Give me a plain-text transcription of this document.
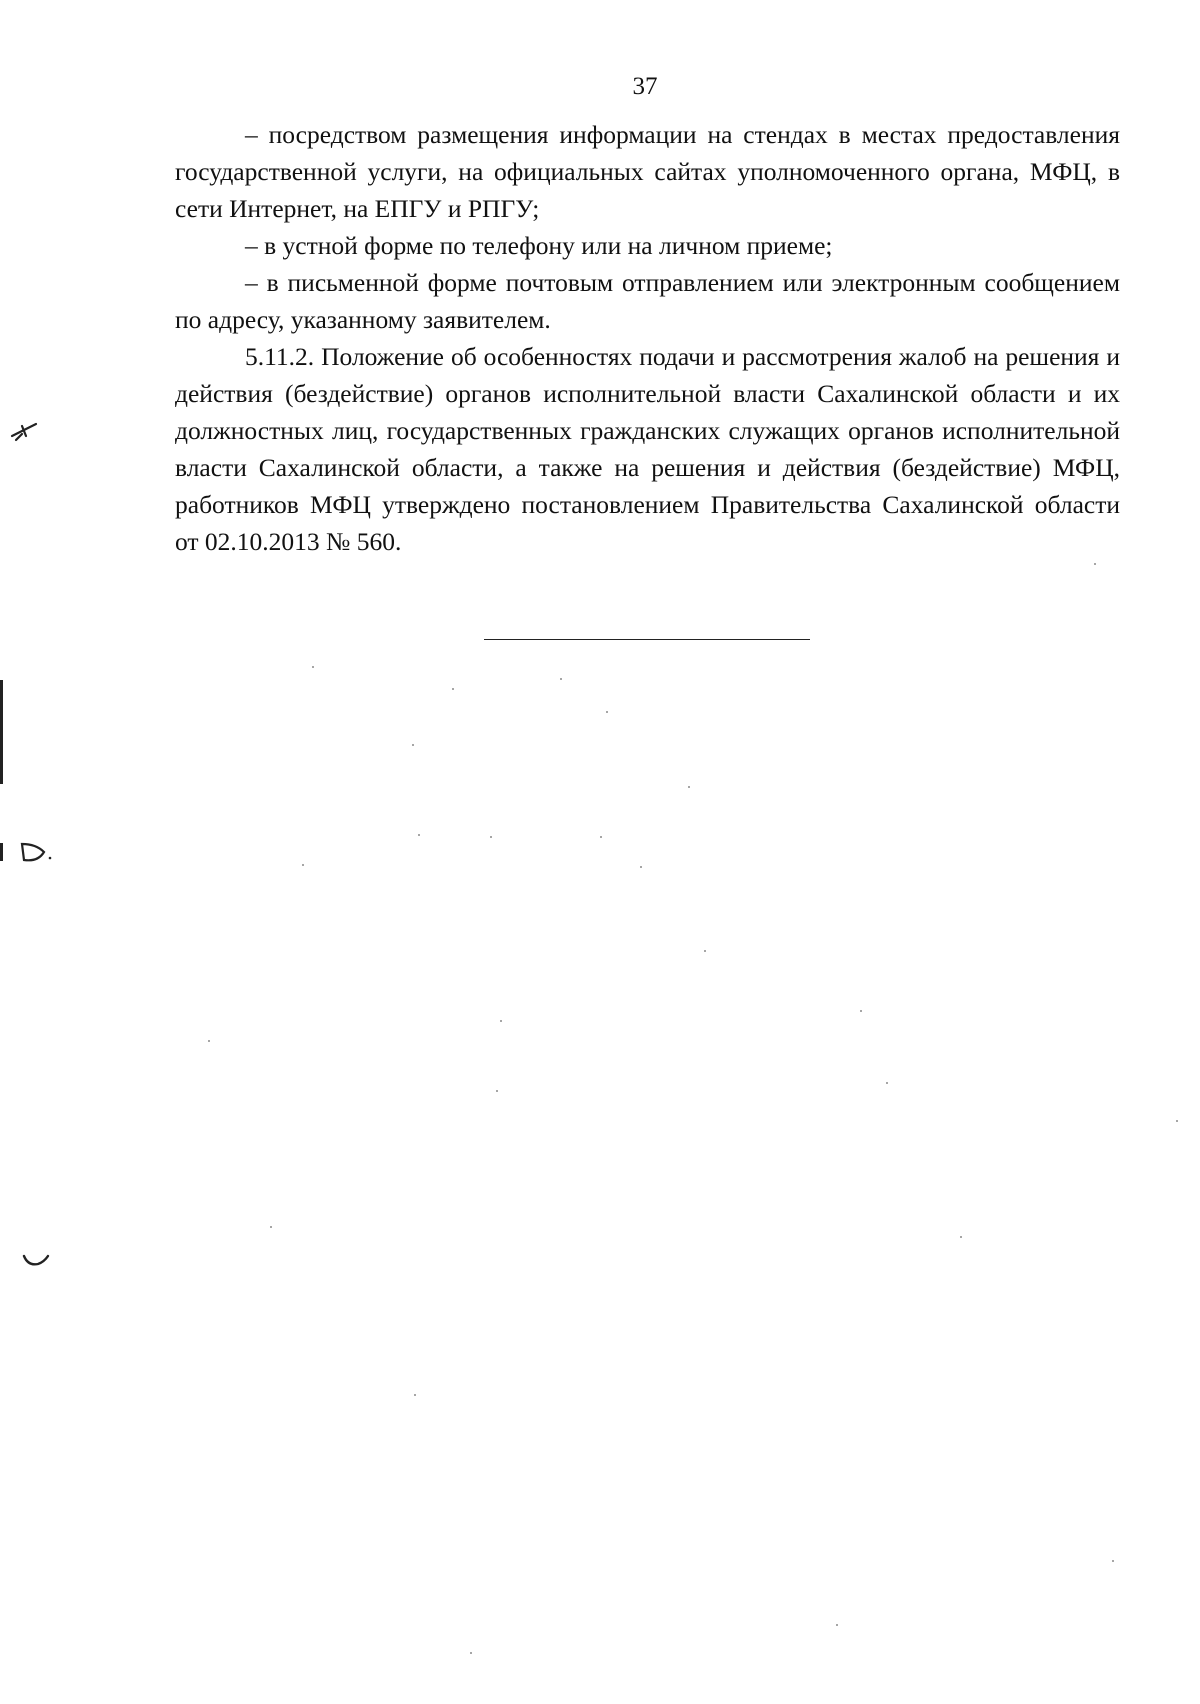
37

– посредством размещения информации на стендах в местах предоставления государственной услуги, на официальных сайтах уполномоченного органа, МФЦ, в сети Интернет, на ЕПГУ и РПГУ;

– в устной форме по телефону или на личном приеме;

– в письменной форме почтовым отправлением или электронным сообщением по адресу, указанному заявителем.

5.11.2. Положение об особенностях подачи и рассмотрения жалоб на решения и действия (бездействие) органов исполнительной власти Сахалинской области и их должностных лиц, государственных гражданских служащих органов исполнительной власти Сахалинской области, а также на решения и действия (бездействие) МФЦ, работников МФЦ утверждено постановлением Правительства Сахалинской области от 02.10.2013 № 560.
